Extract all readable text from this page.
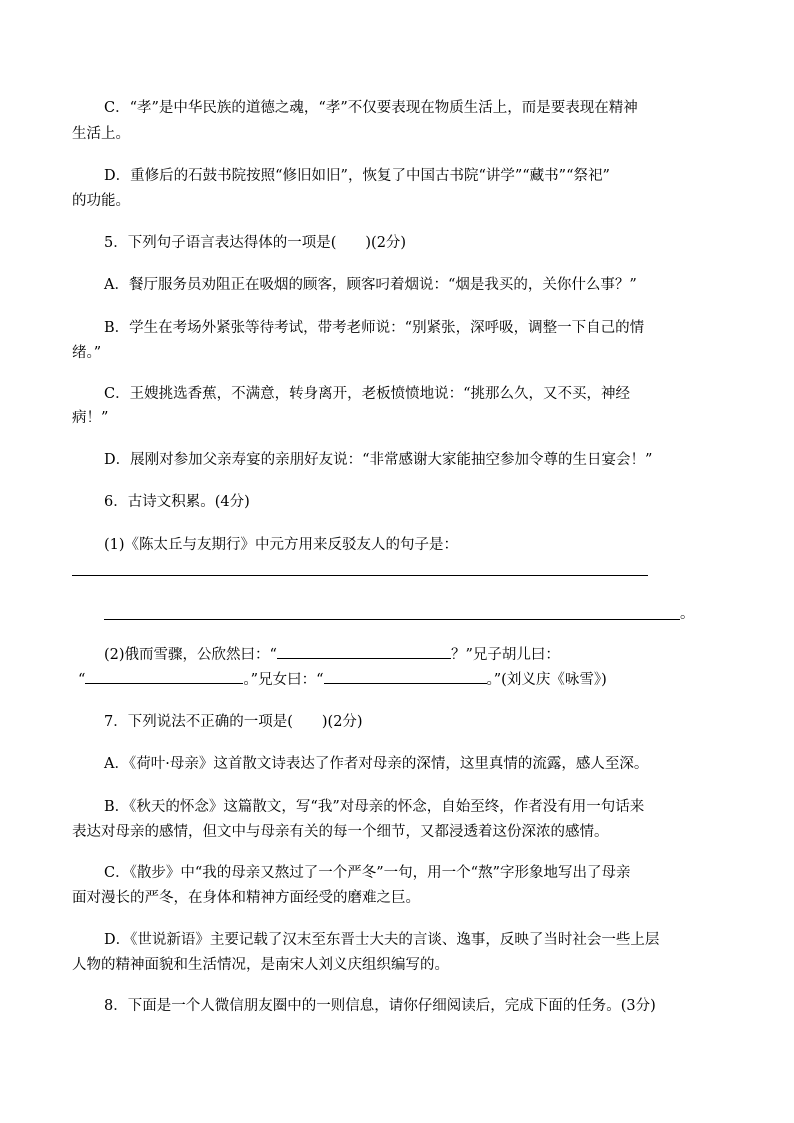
C．“孝”是中华民族的道德之魂，“孝”不仅要表现在物质生活上，而是要表现在精神
生活上。
D．重修后的石鼓书院按照“修旧如旧”，恢复了中国古书院“讲学”“藏书”“祭祀”
的功能。
5．下列句子语言表达得体的一项是(　　)(2分)
A．餐厅服务员劝阻正在吸烟的顾客，顾客叼着烟说：“烟是我买的，关你什么事？”
B．学生在考场外紧张等待考试，带考老师说：“别紧张，深呼吸，调整一下自己的情
绪。”
C．王嫂挑选香蕉，不满意，转身离开，老板愤愤地说：“挑那么久，又不买，神经
病！”
D．展刚对参加父亲寿宴的亲朋好友说：“非常感谢大家能抽空参加令尊的生日宴会！”
6．古诗文积累。(4分)
(1)《陈太丘与友期行》中元方用来反驳友人的句子是：
。
(2)俄而雪骤，公欣然曰：“	？”兄子胡儿曰：
“	。”兄女曰：“	。”(刘义庆《咏雪》)
7．下列说法不正确的一项是(　　)(2分)
A．《荷叶·母亲》这首散文诗表达了作者对母亲的深情，这里真情的流露，感人至深。
B．《秋天的怀念》这篇散文，写“我”对母亲的怀念，自始至终，作者没有用一句话来
表达对母亲的感情，但文中与母亲有关的每一个细节，又都浸透着这份深浓的感情。
C．《散步》中“我的母亲又熬过了一个严冬”一句，用一个“熬”字形象地写出了母亲
面对漫长的严冬，在身体和精神方面经受的磨难之巨。
D．《世说新语》主要记载了汉末至东晋士大夫的言谈、逸事，反映了当时社会一些上层
人物的精神面貌和生活情况，是南宋人刘义庆组织编写的。
8．下面是一个人微信朋友圈中的一则信息，请你仔细阅读后，完成下面的任务。(3分)
